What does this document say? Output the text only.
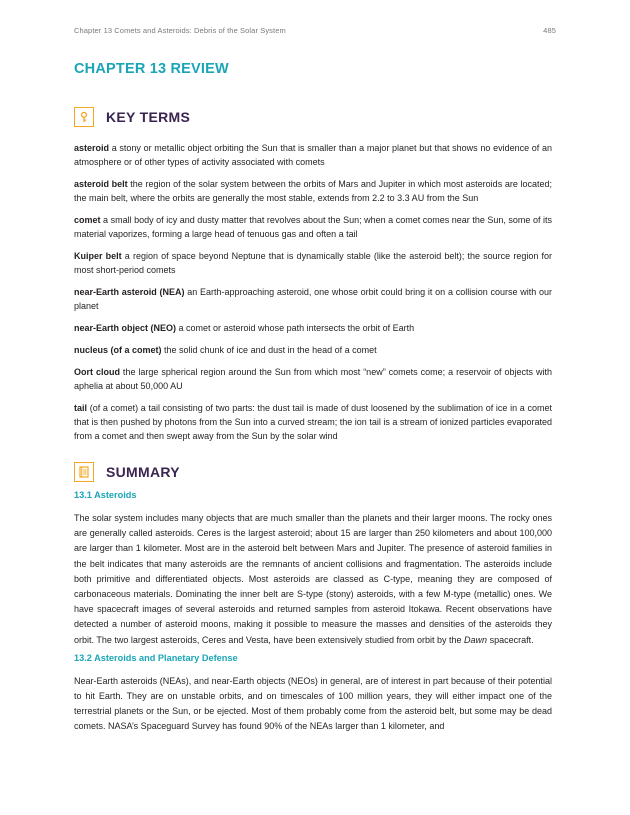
Chapter 13 Comets and Asteroids: Debris of the Solar System	485
CHAPTER 13 REVIEW
KEY TERMS

asteroid a stony or metallic object orbiting the Sun that is smaller than a major planet but that shows no evidence of an atmosphere or of other types of activity associated with comets

asteroid belt the region of the solar system between the orbits of Mars and Jupiter in which most asteroids are located; the main belt, where the orbits are generally the most stable, extends from 2.2 to 3.3 AU from the Sun

comet a small body of icy and dusty matter that revolves about the Sun; when a comet comes near the Sun, some of its material vaporizes, forming a large head of tenuous gas and often a tail

Kuiper belt a region of space beyond Neptune that is dynamically stable (like the asteroid belt); the source region for most short-period comets

near-Earth asteroid (NEA) an Earth-approaching asteroid, one whose orbit could bring it on a collision course with our planet

near-Earth object (NEO) a comet or asteroid whose path intersects the orbit of Earth

nucleus (of a comet) the solid chunk of ice and dust in the head of a comet

Oort cloud the large spherical region around the Sun from which most “new” comets come; a reservoir of objects with aphelia at about 50,000 AU

tail (of a comet) a tail consisting of two parts: the dust tail is made of dust loosened by the sublimation of ice in a comet that is then pushed by photons from the Sun into a curved stream; the ion tail is a stream of ionized particles evaporated from a comet and then swept away from the Sun by the solar wind

SUMMARY

13.1 Asteroids

The solar system includes many objects that are much smaller than the planets and their larger moons. The rocky ones are generally called asteroids. Ceres is the largest asteroid; about 15 are larger than 250 kilometers and about 100,000 are larger than 1 kilometer. Most are in the asteroid belt between Mars and Jupiter. The presence of asteroid families in the belt indicates that many asteroids are the remnants of ancient collisions and fragmentation. The asteroids include both primitive and differentiated objects. Most asteroids are classed as C-type, meaning they are composed of carbonaceous materials. Dominating the inner belt are S-type (stony) asteroids, with a few M-type (metallic) ones. We have spacecraft images of several asteroids and returned samples from asteroid Itokawa. Recent observations have detected a number of asteroid moons, making it possible to measure the masses and densities of the asteroids they orbit. The two largest asteroids, Ceres and Vesta, have been extensively studied from orbit by the Dawn spacecraft.

13.2 Asteroids and Planetary Defense

Near-Earth asteroids (NEAs), and near-Earth objects (NEOs) in general, are of interest in part because of their potential to hit Earth. They are on unstable orbits, and on timescales of 100 million years, they will either impact one of the terrestrial planets or the Sun, or be ejected. Most of them probably come from the asteroid belt, but some may be dead comets. NASA’s Spaceguard Survey has found 90% of the NEAs larger than 1 kilometer, and
